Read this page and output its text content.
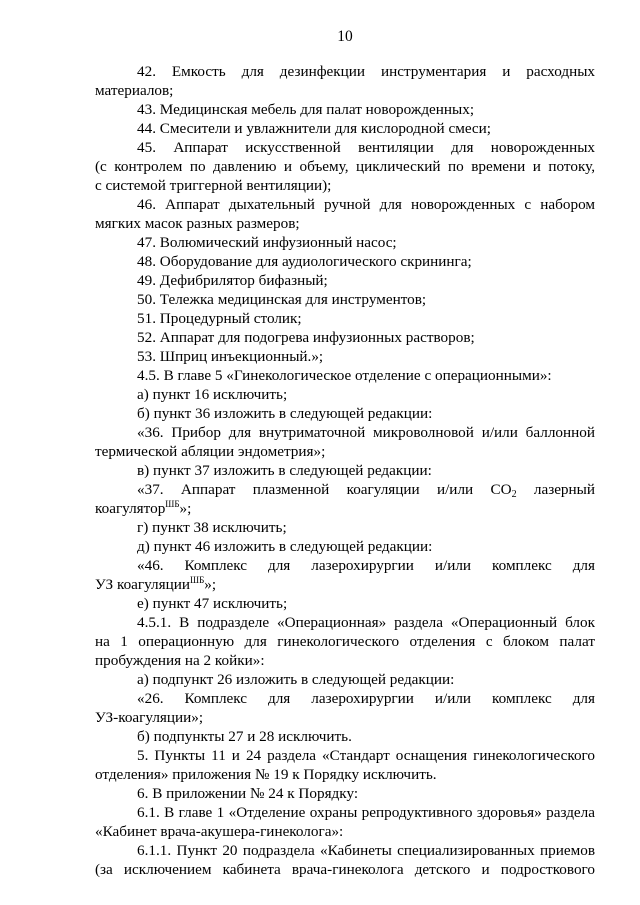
10

42. Емкость для дезинфекции инструментария и расходных

материалов;

43. Медицинская мебель для палат новорожденных;

44. Смесители и увлажнители для кислородной смеси;

45. Аппарат искусственной вентиляции для новорожденных

(с контролем по давлению и объему, циклический по времени и потоку,

с системой триггерной вентиляции);

46. Аппарат дыхательный ручной для новорожденных с набором

мягких масок разных размеров;

47. Волюмический инфузионный насос;

48. Оборудование для аудиологического скрининга;

49. Дефибрилятор бифазный;

50. Тележка медицинская для инструментов;

51. Процедурный столик;

52. Аппарат для подогрева инфузионных растворов;

53. Шприц инъекционный.»;

4.5. В главе 5 «Гинекологическое отделение с операционными»:

а) пункт 16 исключить;

б) пункт 36 изложить в следующей редакции:

«36. Прибор для внутриматочной микроволновой и/или баллонной

термической абляции эндометрия»;

в) пункт 37 изложить в следующей редакции:

«37. Аппарат плазменной коагуляции и/или $CO_2$ лазерный

коагулятор$^{ШБ}$»;

г) пункт 38 исключить;

д) пункт 46 изложить в следующей редакции:

«46. Комплекс для лазерохирургии и/или комплекс для

УЗ коагуляции$^{ШБ}$»;

е) пункт 47 исключить;

4.5.1. В подразделе «Операционная» раздела «Операционный блок

на 1 операционную для гинекологического отделения с блоком палат

пробуждения на 2 койки»:

а) подпункт 26 изложить в следующей редакции:

«26. Комплекс для лазерохирургии и/или комплекс для

УЗ-коагуляции»;

б) подпункты 27 и 28 исключить.

5. Пункты 11 и 24 раздела «Стандарт оснащения гинекологического

отделения» приложения № 19 к Порядку исключить.

6. В приложении № 24 к Порядку:

6.1. В главе 1 «Отделение охраны репродуктивного здоровья» раздела

«Кабинет врача-акушера-гинеколога»:

6.1.1. Пункт 20 подраздела «Кабинеты специализированных приемов

(за исключением кабинета врача-гинеколога детского и подросткового
